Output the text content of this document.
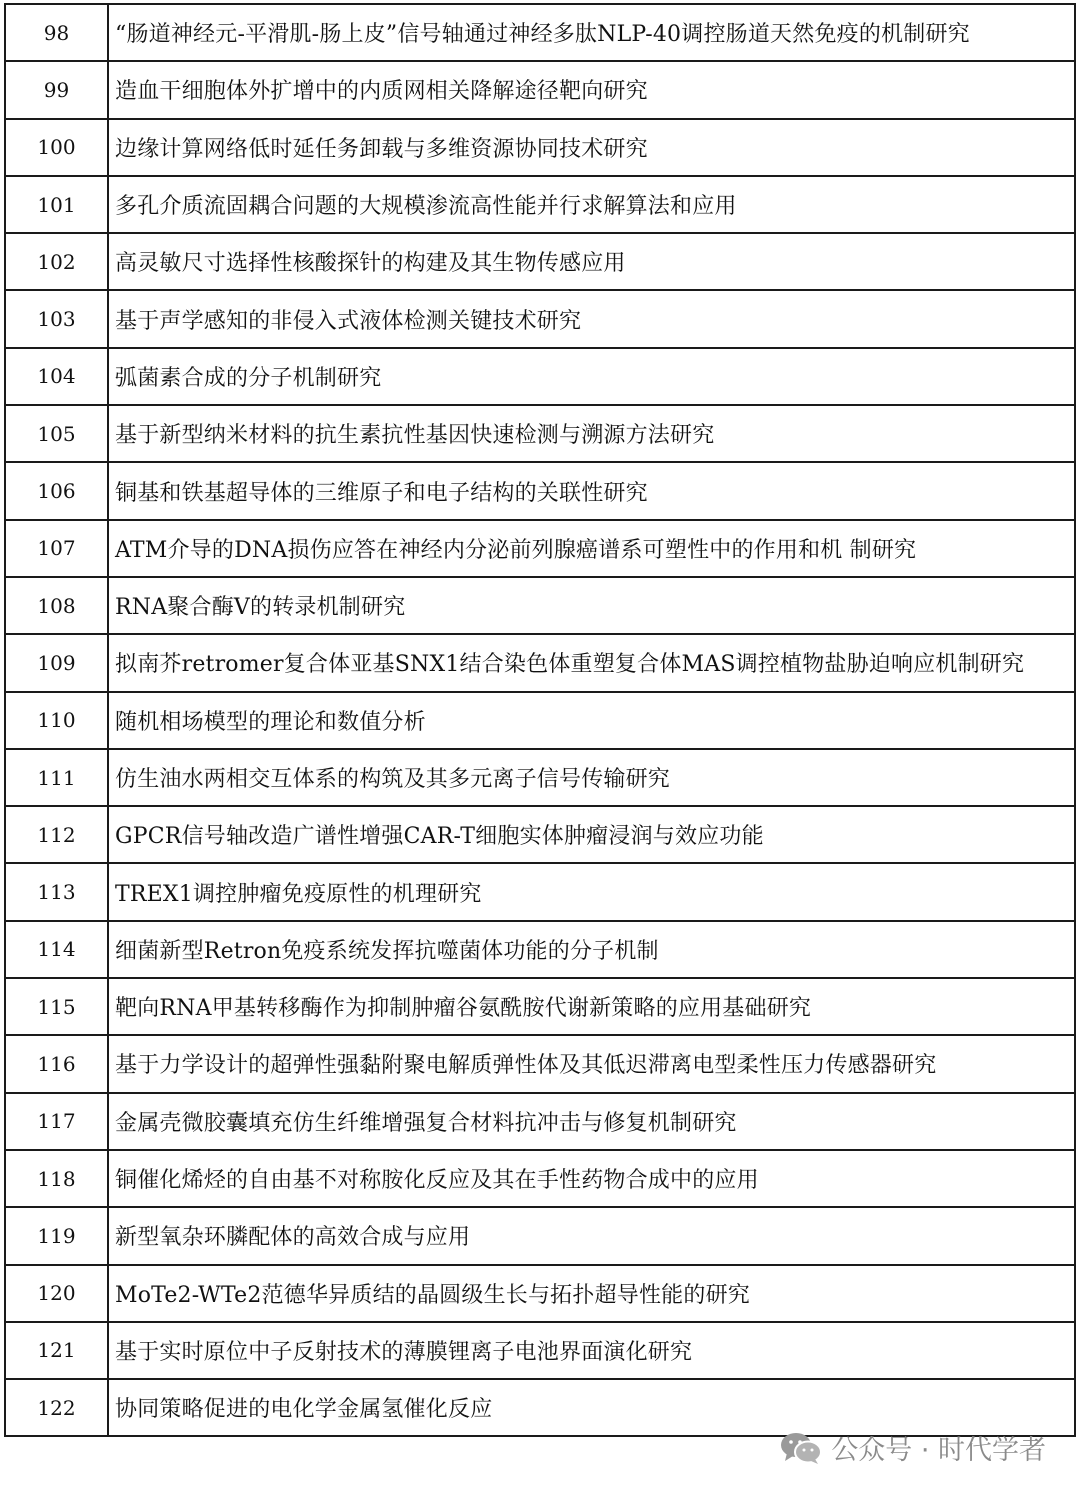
98	“肠道神经元-平滑肌-肠上皮”信号轴通过神经多肽NLP-40调控肠道天然免疫的机制研究
99	造血干细胞体外扩增中的内质网相关降解途径靶向研究
100	边缘计算网络低时延任务卸载与多维资源协同技术研究
101	多孔介质流固耦合问题的大规模渗流高性能并行求解算法和应用
102	高灵敏尺寸选择性核酸探针的构建及其生物传感应用
103	基于声学感知的非侵入式液体检测关键技术研究
104	弧菌素合成的分子机制研究
105	基于新型纳米材料的抗生素抗性基因快速检测与溯源方法研究
106	铜基和铁基超导体的三维原子和电子结构的关联性研究
107	ATM介导的DNA损伤应答在神经内分泌前列腺癌谱系可塑性中的作用和机 制研究
108	RNA聚合酶V的转录机制研究
109	拟南芥retromer复合体亚基SNX1结合染色体重塑复合体MAS调控植物盐胁迫响应机制研究
110	随机相场模型的理论和数值分析
111	仿生油水两相交互体系的构筑及其多元离子信号传输研究
112	GPCR信号轴改造广谱性增强CAR-T细胞实体肿瘤浸润与效应功能
113	TREX1调控肿瘤免疫原性的机理研究
114	细菌新型Retron免疫系统发挥抗噬菌体功能的分子机制
115	靶向RNA甲基转移酶作为抑制肿瘤谷氨酰胺代谢新策略的应用基础研究
116	基于力学设计的超弹性强黏附聚电解质弹性体及其低迟滞离电型柔性压力传感器研究
117	金属壳微胶囊填充仿生纤维增强复合材料抗冲击与修复机制研究
118	铜催化烯烃的自由基不对称胺化反应及其在手性药物合成中的应用
119	新型氧杂环膦配体的高效合成与应用
120	MoTe2-WTe2范德华异质结的晶圆级生长与拓扑超导性能的研究
121	基于实时原位中子反射技术的薄膜锂离子电池界面演化研究
122	协同策略促进的电化学金属氢催化反应
公众号 · 时代学者
